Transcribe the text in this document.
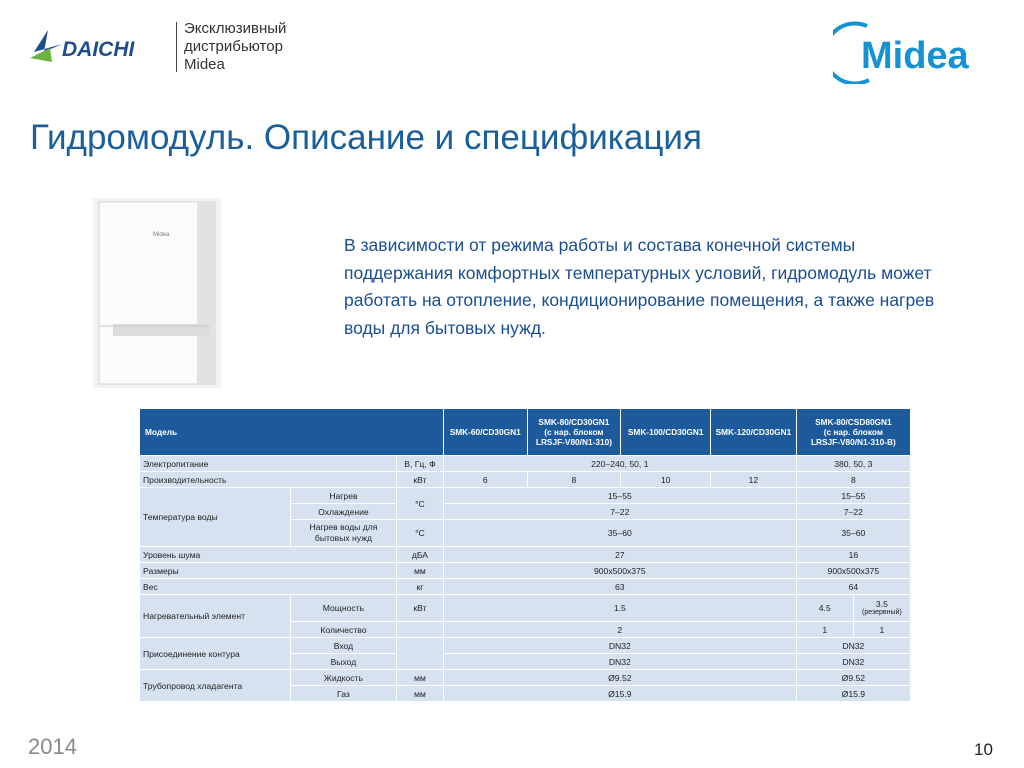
DAICHI
Эксклюзивный
дистрибьютор
Midea	Midea
Гидромодуль. Описание и спецификация
Midea	В зависимости от режима работы и состава конечной системы поддержания комфортных температурных условий, гидромодуль может работать на отопление, кондиционирование помещения, а также нагрев воды для бытовых нужд.

Модель			SMK-60/CD30GN1	SMK-80/CD30GN1
(с нар. блоком
LRSJF-V80/N1-310)	SMK-100/CD30GN1	SMK-120/CD30GN1	SMK-80/CSD80GN1
(с нар. блоком
LRSJF-V80/N1-310-B)	
Электропитание		В, Гц, Ф	220–240, 50, 1				380, 50, 3	
Производительность		кВт	6	8	10	12	8	
Температура воды	Нагрев	°C	15–55				15–55	
	Охлаждение		7–22				7–22	
	Нагрев воды для бытовых нужд	°C	35–60				35–60	
Уровень шума		дБА	27				16	
Размеры		мм	900x500x375				900x500x375	
Вес		кг	63				64	
Нагревательный элемент	Мощность	кВт	1.5				4.5	3.5
(резервный)

	Количество		2				1	1
Присоединение контура	Вход		DN32				DN32	
	Выход		DN32				DN32	
Трубопровод хладагента	Жидкость	мм	Ø9.52				Ø9.52	
	Газ	мм	Ø15.9				Ø15.9	
2014	10
